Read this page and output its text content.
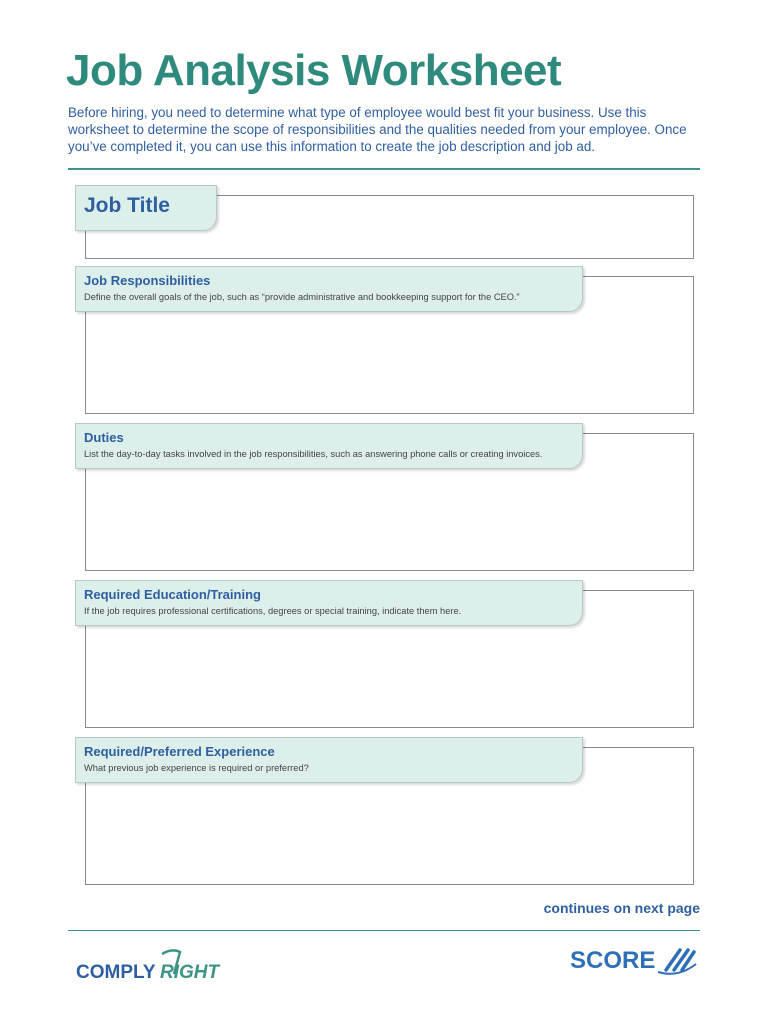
Job Analysis Worksheet

Before hiring, you need to determine what type of employee would best fit your business. Use this worksheet to determine the scope of responsibilities and the qualities needed from your employee. Once you’ve completed it, you can use this information to create the job description and job ad.

Job Title
Job Responsibilities
Define the overall goals of the job, such as “provide administrative and bookkeeping support for the CEO.”
Duties
List the day-to-day tasks involved in the job responsibilities, such as answering phone calls or creating invoices.
Required Education/Training
If the job requires professional certifications, degrees or special training, indicate them here.
Required/Preferred Experience
What previous job experience is required or preferred?
continues on next page
COMPLY RIGHT	SCORE
